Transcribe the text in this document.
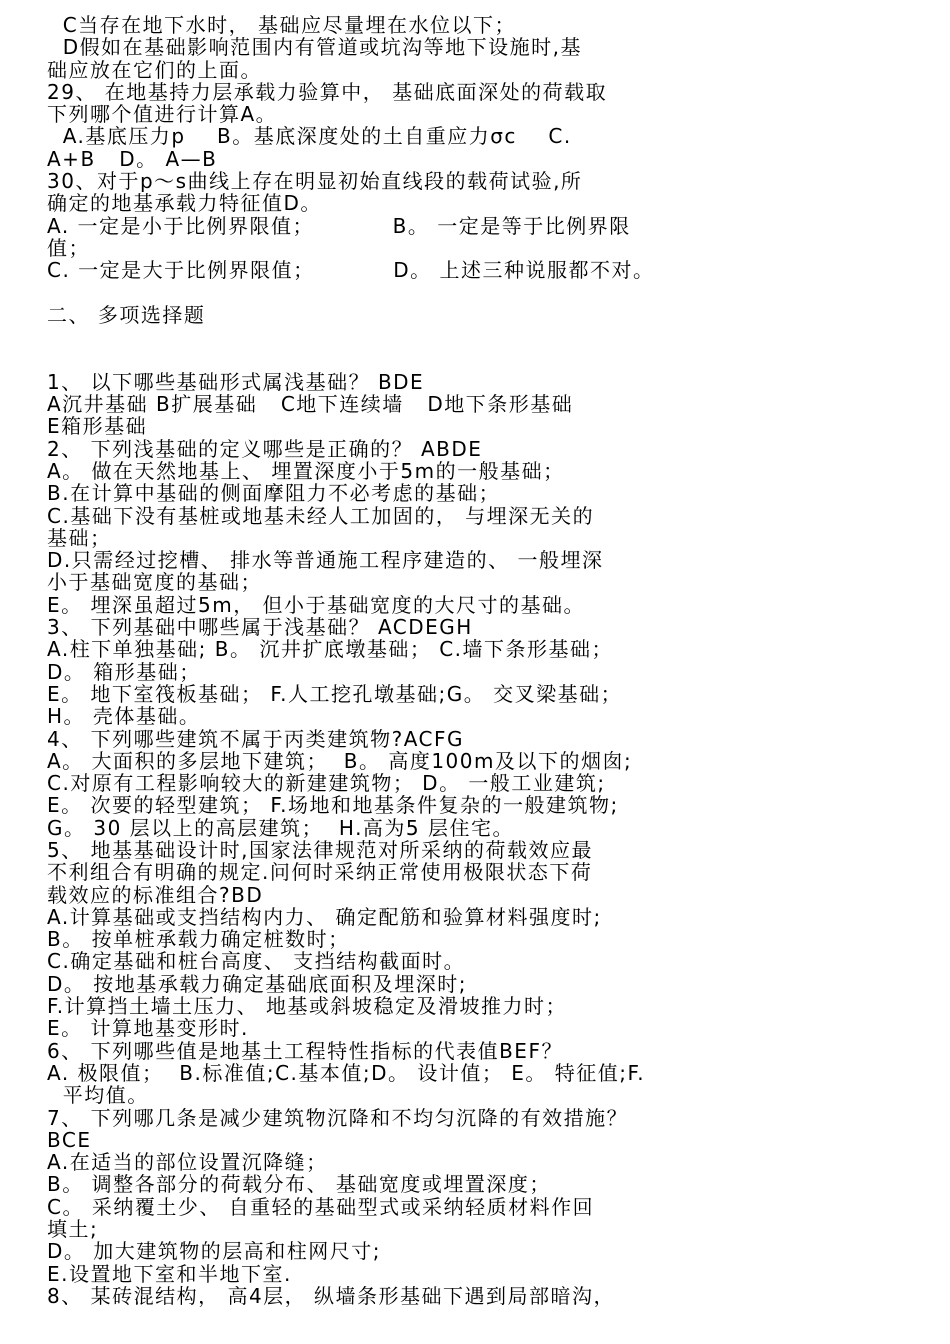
C当存在地下水时， 基础应尽量埋在水位以下；
D假如在基础影响范围内有管道或坑沟等地下设施时,基
础应放在它们的上面。
29、 在地基持力层承载力验算中， 基础底面深处的荷载取
下列哪个值进行计算A。
A.基底压力p    B。基底深度处的土自重应力σc    C.
A+B   D。 A—B
30、对于p～s曲线上存在明显初始直线段的载荷试验,所
确定的地基承载力特征值D。
A. 一定是小于比例界限值；          B。 一定是等于比例界限
值；
C. 一定是大于比例界限值；          D。 上述三种说服都不对。
二、 多项选择题
1、 以下哪些基础形式属浅基础？ BDE
A沉井基础 B扩展基础   C地下连续墙   D地下条形基础
E箱形基础
2、 下列浅基础的定义哪些是正确的？ ABDE
A。 做在天然地基上、 埋置深度小于5m的一般基础；
B.在计算中基础的侧面摩阻力不必考虑的基础；
C.基础下没有基桩或地基未经人工加固的， 与埋深无关的
基础；
D.只需经过挖槽、 排水等普通施工程序建造的、 一般埋深
小于基础宽度的基础；
E。 埋深虽超过5m， 但小于基础宽度的大尺寸的基础。
3、 下列基础中哪些属于浅基础？ ACDEGH
A.柱下单独基础; B。 沉井扩底墩基础； C.墙下条形基础；
D。 箱形基础；
E。 地下室筏板基础； F.人工挖孔墩基础;G。 交叉梁基础；
H。 壳体基础。
4、 下列哪些建筑不属于丙类建筑物?ACFG
A。 大面积的多层地下建筑；  B。 高度100m及以下的烟囱;
C.对原有工程影响较大的新建建筑物； D。 一般工业建筑;
E。 次要的轻型建筑； F.场地和地基条件复杂的一般建筑物;
G。 30 层以上的高层建筑；  H.高为5 层住宅。
5、 地基基础设计时,国家法律规范对所采纳的荷载效应最
不利组合有明确的规定.问何时采纳正常使用极限状态下荷
载效应的标准组合?BD
A.计算基础或支挡结构内力、 确定配筋和验算材料强度时;
B。 按单桩承载力确定桩数时；
C.确定基础和桩台高度、 支挡结构截面时。
D。 按地基承载力确定基础底面积及埋深时;
F.计算挡土墙土压力、 地基或斜坡稳定及滑坡推力时；
E。 计算地基变形时.
6、 下列哪些值是地基土工程特性指标的代表值BEF？
A. 极限值；  B.标准值;C.基本值;D。 设计值； E。 特征值;F.
平均值。
7、 下列哪几条是减少建筑物沉降和不均匀沉降的有效措施？
BCE
A.在适当的部位设置沉降缝；
B。 调整各部分的荷载分布、 基础宽度或埋置深度；
C。 采纳覆土少、 自重轻的基础型式或采纳轻质材料作回
填土;
D。 加大建筑物的层高和柱网尺寸;
E.设置地下室和半地下室.
8、 某砖混结构， 高4层， 纵墙条形基础下遇到局部暗沟，
